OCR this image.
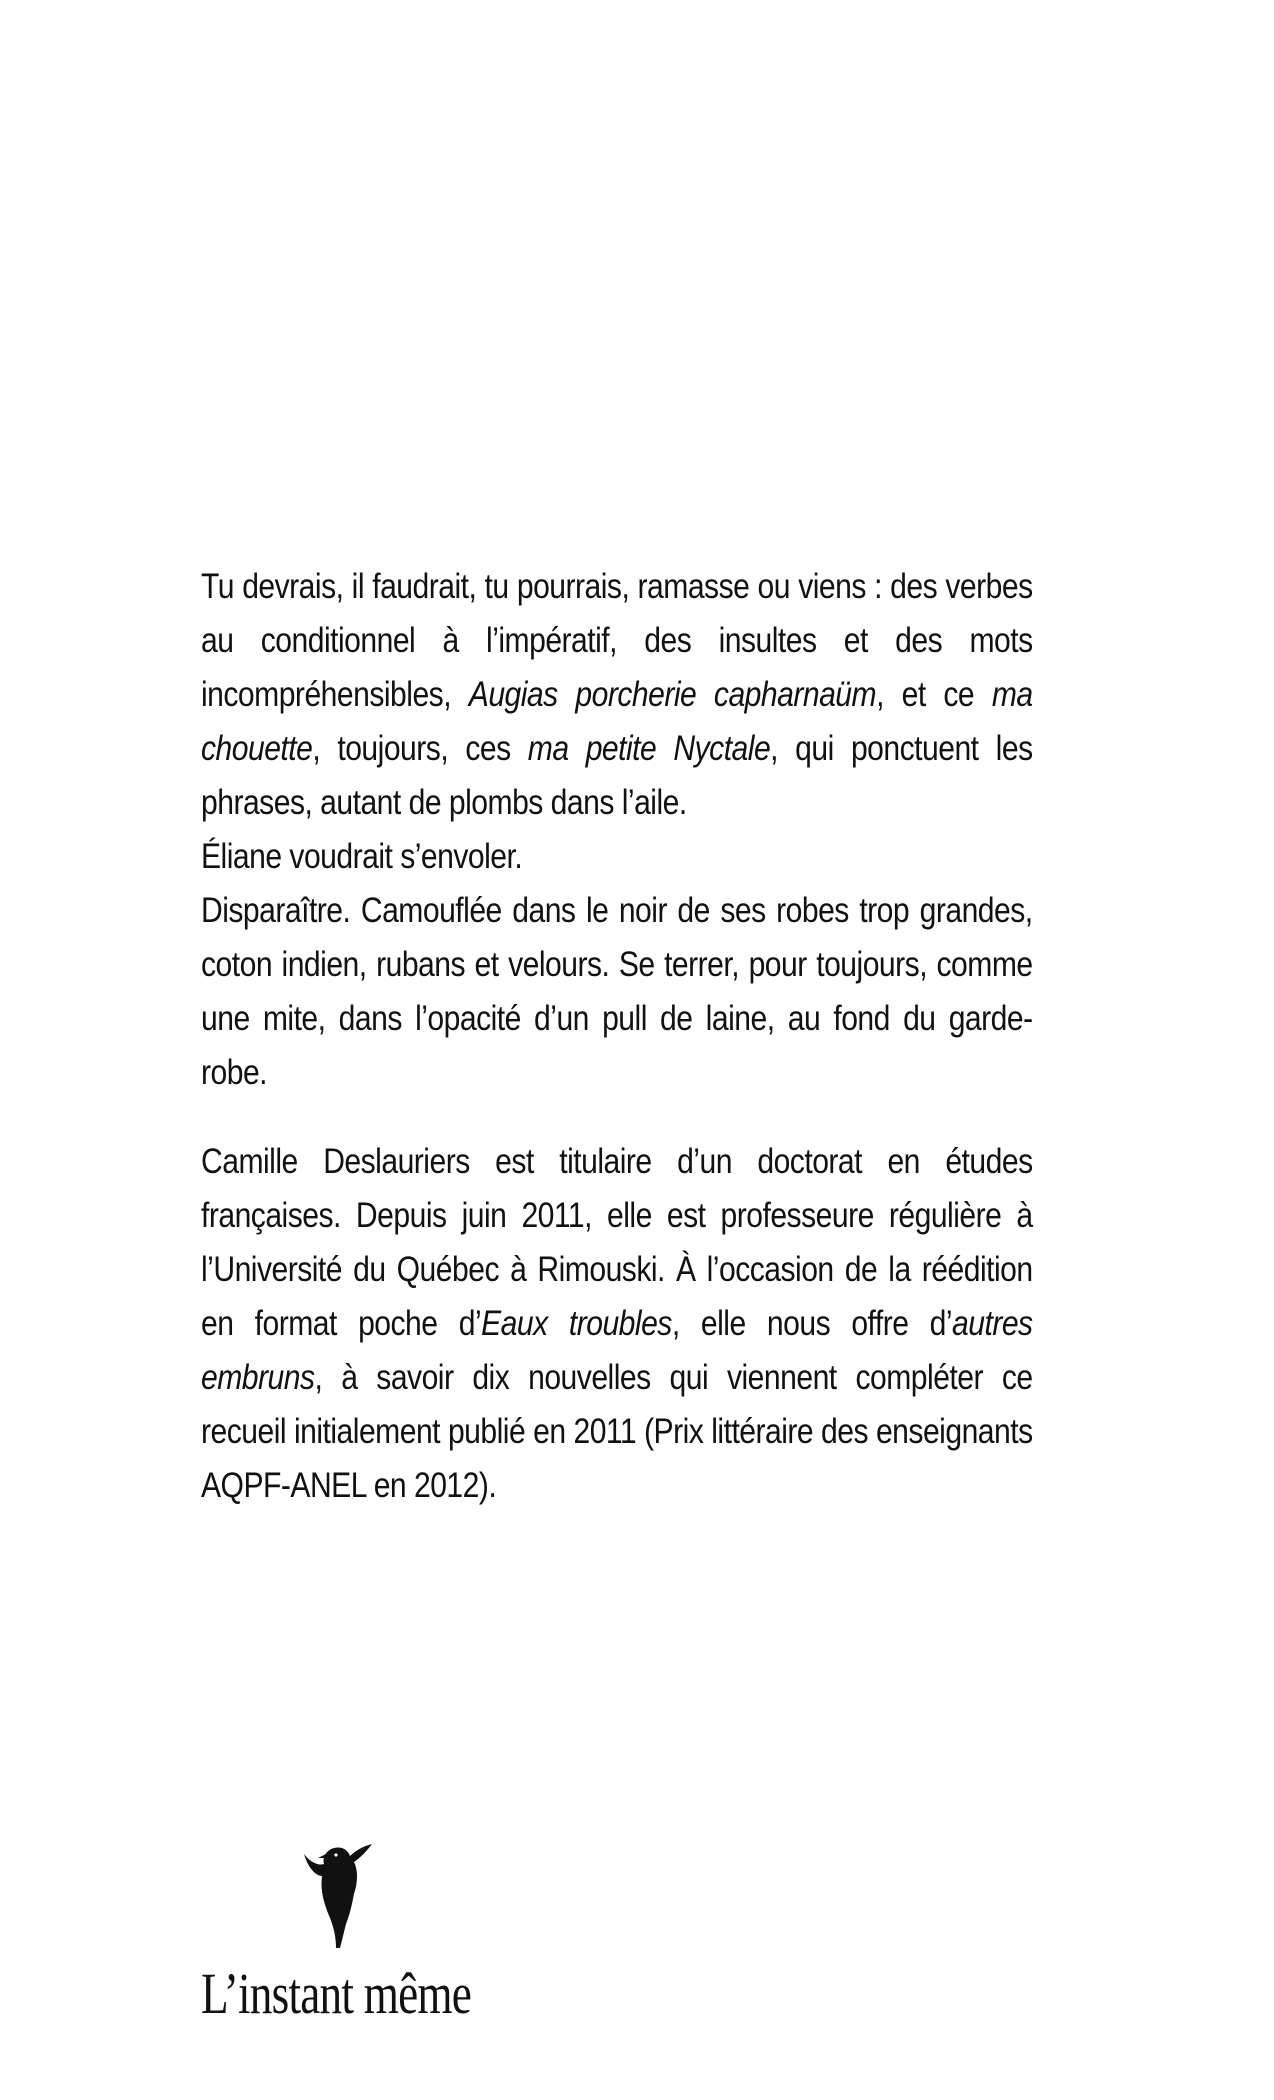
Tu devrais, il faudrait, tu pourrais, ramasse ou viens : des verbes au conditionnel à l’impératif, des insultes et des mots incompréhensibles, Augias porcherie capharnaüm, et ce ma chouette, toujours, ces ma petite Nyctale, qui ponctuent les phrases, autant de plombs dans l’aile.

Éliane voudrait s’envoler.

Disparaître. Camouflée dans le noir de ses robes trop grandes, coton indien, rubans et velours. Se terrer, pour toujours, comme une mite, dans l’opacité d’un pull de laine, au fond du garde-robe.

Camille Deslauriers est titulaire d’un doctorat en études françaises. Depuis juin 2011, elle est professeure régulière à l’Université du Québec à Rimouski. À l’occasion de la réédition en format poche d’Eaux troubles, elle nous offre d’autres embruns, à savoir dix nouvelles qui viennent compléter ce recueil initialement publié en 2011 (Prix littéraire des enseignants AQPF-ANEL en 2012).

L’instant même
